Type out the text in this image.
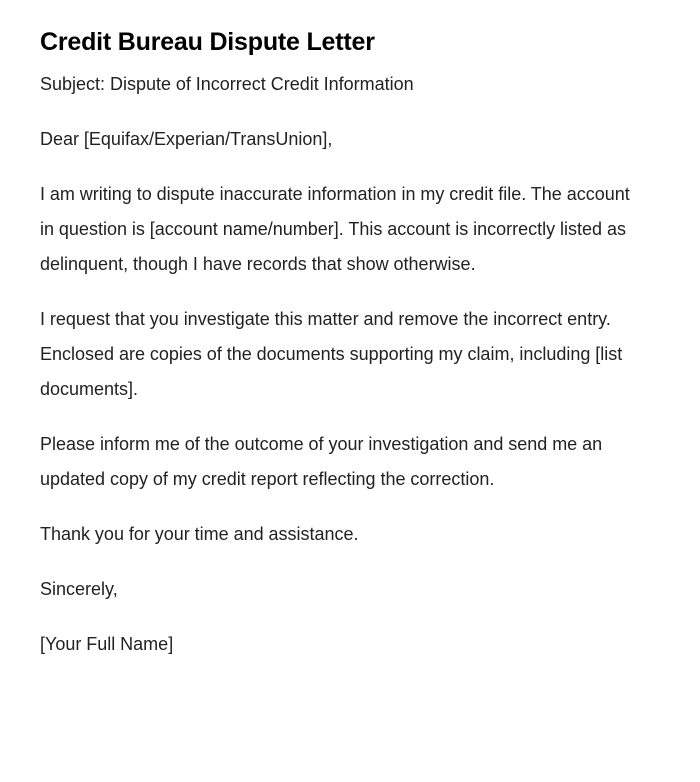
Credit Bureau Dispute Letter

Subject: Dispute of Incorrect Credit Information

Dear [Equifax/Experian/TransUnion],

I am writing to dispute inaccurate information in my credit file. The account in question is [account name/number]. This account is incorrectly listed as delinquent, though I have records that show otherwise.

I request that you investigate this matter and remove the incorrect entry. Enclosed are copies of the documents supporting my claim, including [list documents].

Please inform me of the outcome of your investigation and send me an updated copy of my credit report reflecting the correction.

Thank you for your time and assistance.

Sincerely,

[Your Full Name]
